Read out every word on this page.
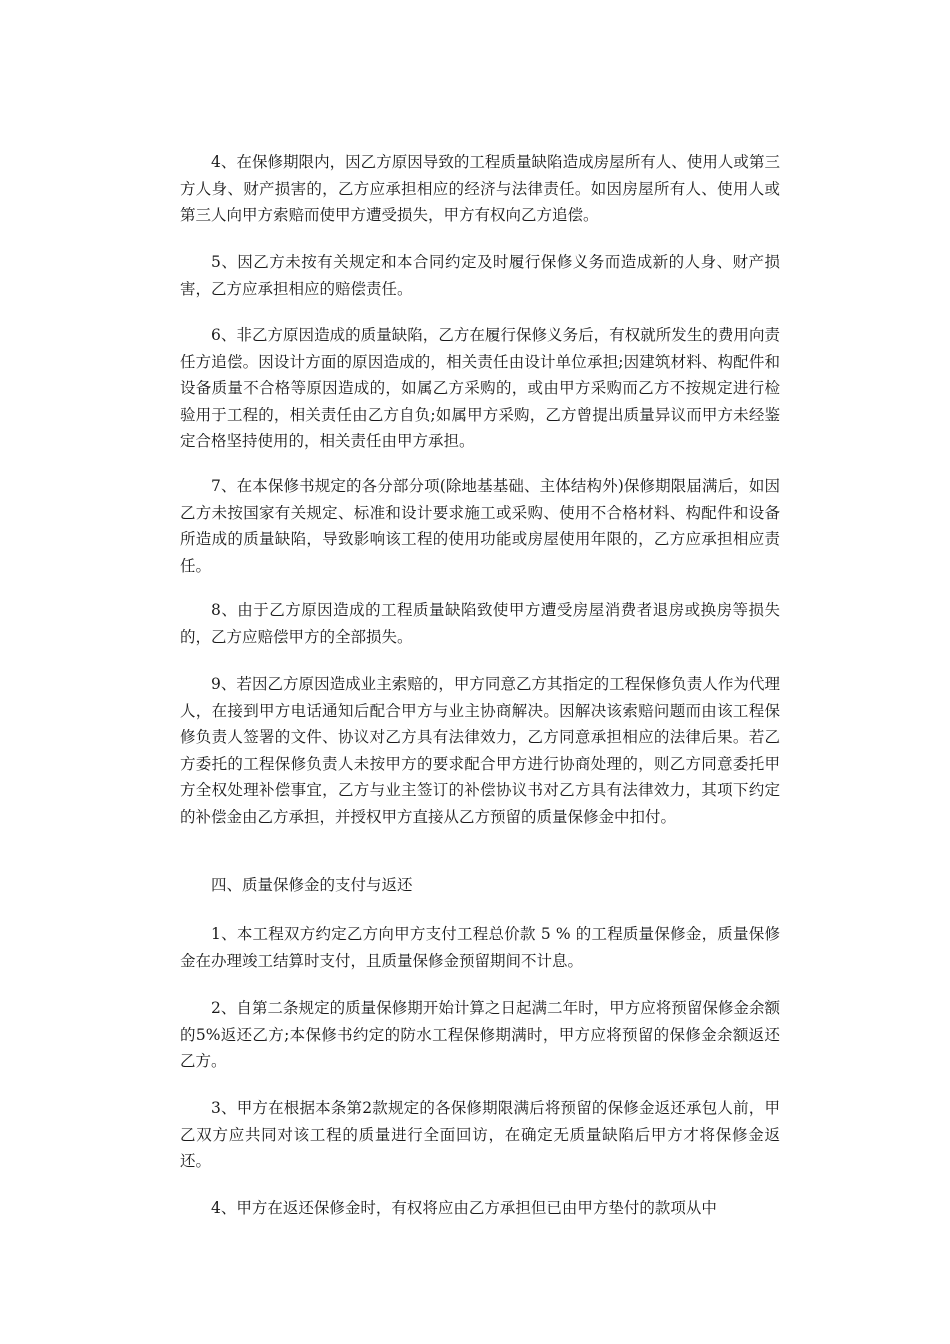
4、在保修期限内，因乙方原因导致的工程质量缺陷造成房屋所有人、使用人或第三方人身、财产损害的，乙方应承担相应的经济与法律责任。如因房屋所有人、使用人或第三人向甲方索赔而使甲方遭受损失，甲方有权向乙方追偿。

5、因乙方未按有关规定和本合同约定及时履行保修义务而造成新的人身、财产损害，乙方应承担相应的赔偿责任。

6、非乙方原因造成的质量缺陷，乙方在履行保修义务后，有权就所发生的费用向责任方追偿。因设计方面的原因造成的，相关责任由设计单位承担;因建筑材料、构配件和设备质量不合格等原因造成的，如属乙方采购的，或由甲方采购而乙方不按规定进行检验用于工程的，相关责任由乙方自负;如属甲方采购，乙方曾提出质量异议而甲方未经鉴定合格坚持使用的，相关责任由甲方承担。

7、在本保修书规定的各分部分项(除地基基础、主体结构外)保修期限届满后，如因乙方未按国家有关规定、标准和设计要求施工或采购、使用不合格材料、构配件和设备所造成的质量缺陷，导致影响该工程的使用功能或房屋使用年限的，乙方应承担相应责任。

8、由于乙方原因造成的工程质量缺陷致使甲方遭受房屋消费者退房或换房等损失的，乙方应赔偿甲方的全部损失。

9、若因乙方原因造成业主索赔的，甲方同意乙方其指定的工程保修负责人作为代理人，在接到甲方电话通知后配合甲方与业主协商解决。因解决该索赔问题而由该工程保修负责人签署的文件、协议对乙方具有法律效力，乙方同意承担相应的法律后果。若乙方委托的工程保修负责人未按甲方的要求配合甲方进行协商处理的，则乙方同意委托甲方全权处理补偿事宜，乙方与业主签订的补偿协议书对乙方具有法律效力，其项下约定的补偿金由乙方承担，并授权甲方直接从乙方预留的质量保修金中扣付。

四、质量保修金的支付与返还

1、本工程双方约定乙方向甲方支付工程总价款 5 % 的工程质量保修金，质量保修金在办理竣工结算时支付，且质量保修金预留期间不计息。

2、自第二条规定的质量保修期开始计算之日起满二年时，甲方应将预留保修金余额的5%返还乙方;本保修书约定的防水工程保修期满时，甲方应将预留的保修金余额返还乙方。

3、甲方在根据本条第2款规定的各保修期限满后将预留的保修金返还承包人前，甲乙双方应共同对该工程的质量进行全面回访，在确定无质量缺陷后甲方才将保修金返还。

4、甲方在返还保修金时，有权将应由乙方承担但已由甲方垫付的款项从中
